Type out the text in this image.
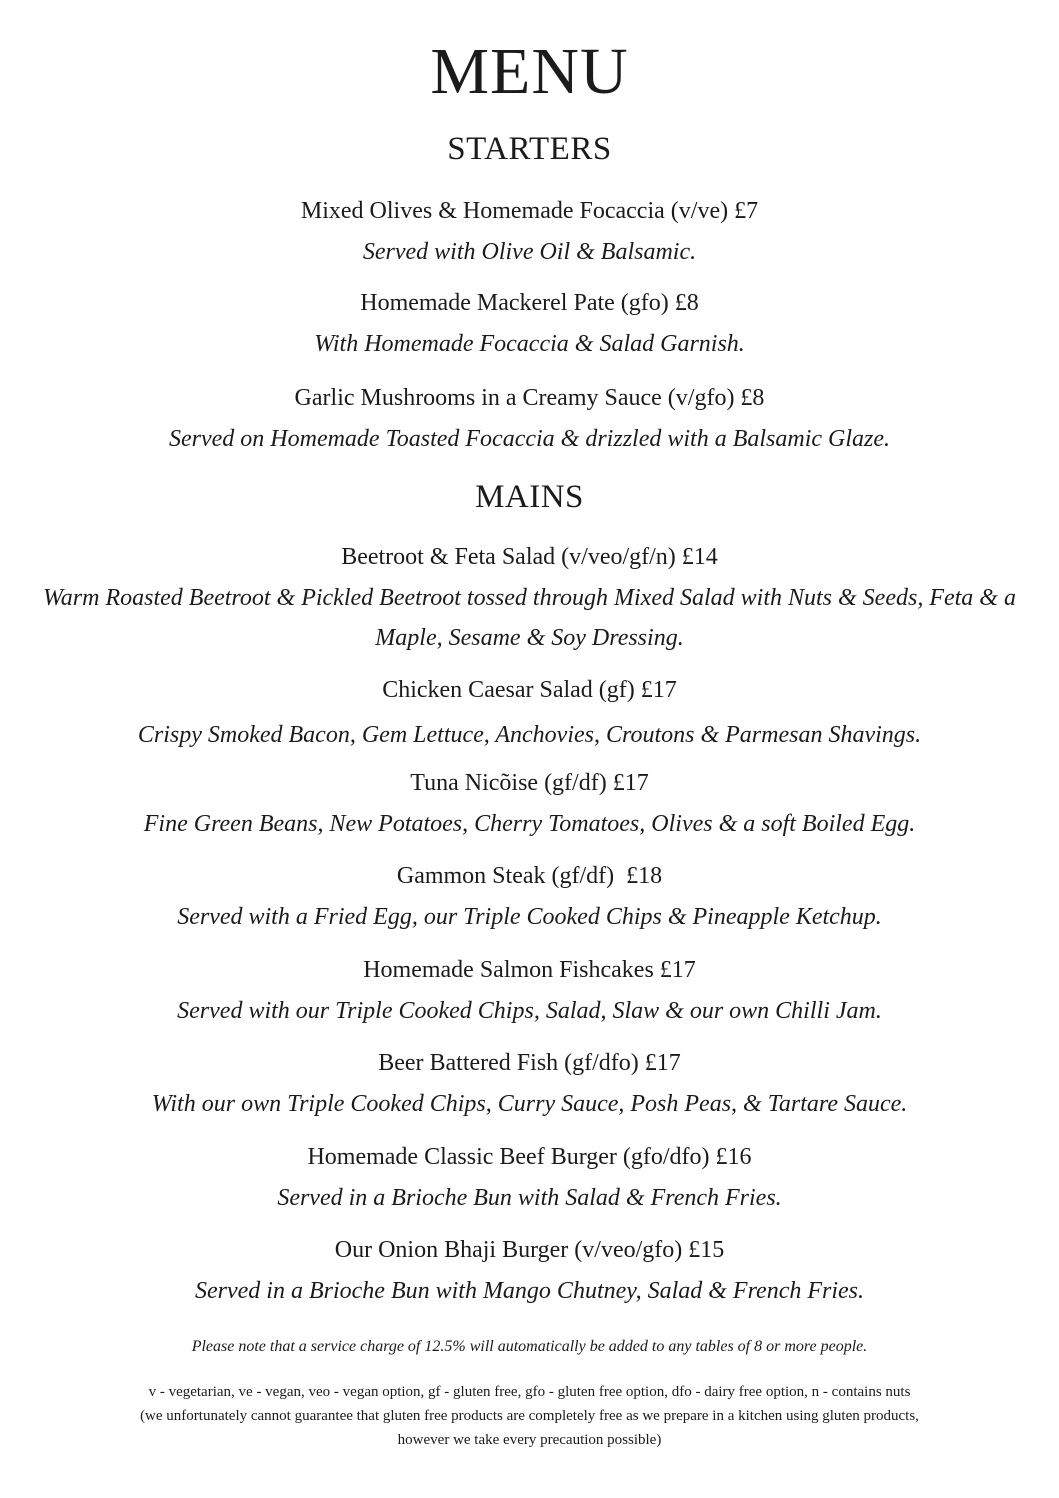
MENU
STARTERS
Mixed Olives & Homemade Focaccia (v/ve) £7
Served with Olive Oil & Balsamic.
Homemade Mackerel Pate (gfo) £8
With Homemade Focaccia & Salad Garnish.
Garlic Mushrooms in a Creamy Sauce (v/gfo) £8
Served on Homemade Toasted Focaccia & drizzled with a Balsamic Glaze.
MAINS
Beetroot & Feta Salad (v/veo/gf/n) £14
Warm Roasted Beetroot & Pickled Beetroot tossed through Mixed Salad with Nuts & Seeds, Feta & a Maple, Sesame & Soy Dressing.
Chicken Caesar Salad (gf) £17
Crispy Smoked Bacon, Gem Lettuce, Anchovies, Croutons & Parmesan Shavings.
Tuna Nicõise (gf/df) £17
Fine Green Beans, New Potatoes, Cherry Tomatoes, Olives & a soft Boiled Egg.
Gammon Steak (gf/df)  £18
Served with a Fried Egg, our Triple Cooked Chips & Pineapple Ketchup.
Homemade Salmon Fishcakes £17
Served with our Triple Cooked Chips, Salad, Slaw & our own Chilli Jam.
Beer Battered Fish (gf/dfo) £17
With our own Triple Cooked Chips, Curry Sauce, Posh Peas, & Tartare Sauce.
Homemade Classic Beef Burger (gfo/dfo) £16
Served in a Brioche Bun with Salad & French Fries.
Our Onion Bhaji Burger (v/veo/gfo) £15
Served in a Brioche Bun with Mango Chutney, Salad & French Fries.
Please note that a service charge of 12.5% will automatically be added to any tables of 8 or more people.
v - vegetarian, ve - vegan, veo - vegan option, gf - gluten free, gfo - gluten free option, dfo - dairy free option, n - contains nuts
(we unfortunately cannot guarantee that gluten free products are completely free as we prepare in a kitchen using gluten products,
however we take every precaution possible)
